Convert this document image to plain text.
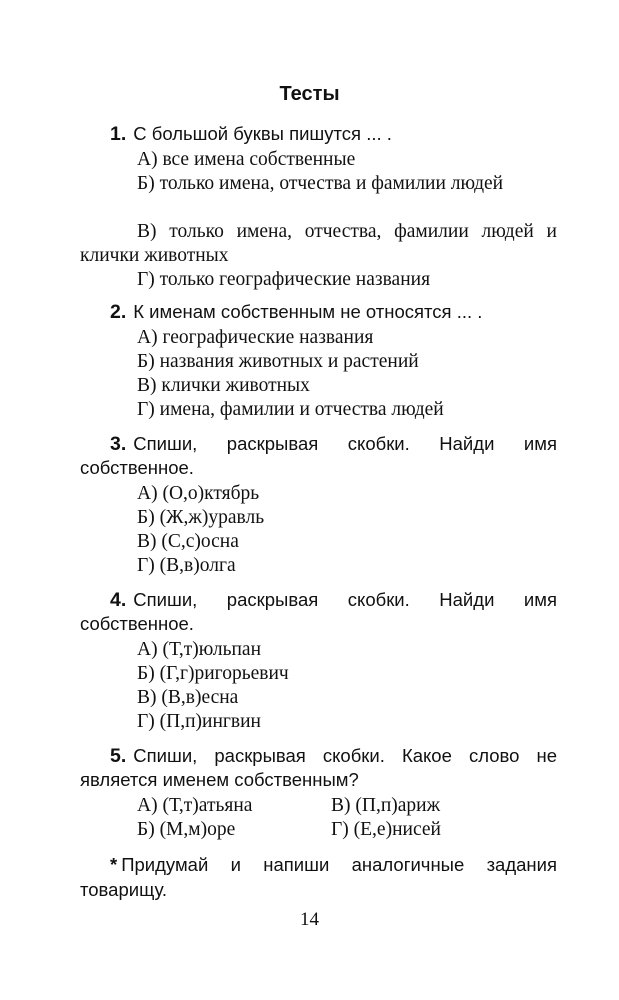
Тесты

1. С большой буквы пишутся ... .

А) все имена собственные

Б) только имена, отчества и фамилии людей

В) только имена, отчества, фамилии людей и клички животных

Г) только географические названия

2. К именам собственным не относятся ... .

А) географические названия

Б) названия животных и растений

В) клички животных

Г) имена, фамилии и отчества людей

3. Спиши, раскрывая скобки. Найди имя собственное.

А) (О,о)ктябрь

Б) (Ж,ж)уравль

В) (С,с)осна

Г) (В,в)олга

4. Спиши, раскрывая скобки. Найди имя собственное.

А) (Т,т)юльпан

Б) (Г,г)ригорьевич

В) (В,в)есна

Г) (П,п)ингвин

5. Спиши, раскрывая скобки. Какое слово не является именем собственным?

А) (Т,т)атьяна	В) (П,п)ариж
Б) (М,м)оре	Г) (Е,е)нисей

* Придумай и напиши аналогичные задания товарищу.

14
